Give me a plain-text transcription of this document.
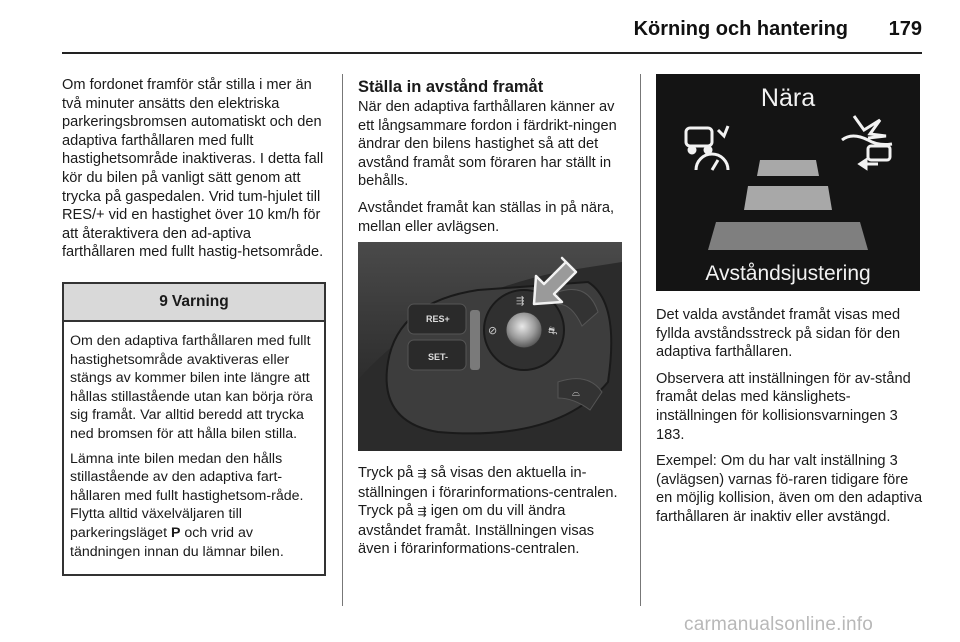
Körning och hantering 179

Om fordonet framför står stilla i mer än två minuter ansätts den elektriska parkeringsbromsen automatiskt och den adaptiva farthållaren med fullt hastighetsområde inaktiveras. I detta fall kör du bilen på vanligt sätt genom att trycka på gaspedalen. Vrid tum-hjulet till RES/+ vid en hastighet över 10 km/h för att återaktivera den ad-aptiva farthållaren med fullt hastig-hetsområde.

9 Varning

Om den adaptiva farthållaren med fullt hastighetsområde avaktiveras eller stängs av kommer bilen inte längre att hållas stillastående utan kan börja röra sig framåt. Var alltid beredd att trycka ned bromsen för att hålla bilen stilla.

Lämna inte bilen medan den hålls stillastående av den adaptiva fart-hållaren med fullt hastighetsom-råde. Flytta alltid växelväljaren till parkeringsläget P och vrid av tändningen innan du lämnar bilen.

Ställa in avstånd framåt

När den adaptiva farthållaren känner av ett långsammare fordon i färdrikt-ningen ändrar den bilens hastighet så att det avstånd framåt som föraren har ställt in behålls.

Avståndet framåt kan ställas in på nära, mellan eller avlägsen.

RES+
SET-
⇶
⊘	⛐
⌓

Tryck på ⇶ så visas den aktuella in-ställningen i förarinformations-centralen. Tryck på ⇶ igen om du vill ändra avståndet framåt. Inställningen visas även i förarinformations-centralen.

Nära
Avståndsjustering

Det valda avståndet framåt visas med fyllda avståndsstreck på sidan för den adaptiva farthållaren.

Observera att inställningen för av-stånd framåt delas med känslighets-inställningen för kollisionsvarningen 3 183.

Exempel: Om du har valt inställning 3 (avlägsen) varnas fö-raren tidigare före en möjlig kollision, även om den adaptiva farthållaren är inaktiv eller avstängd.

carmanualsonline.info
